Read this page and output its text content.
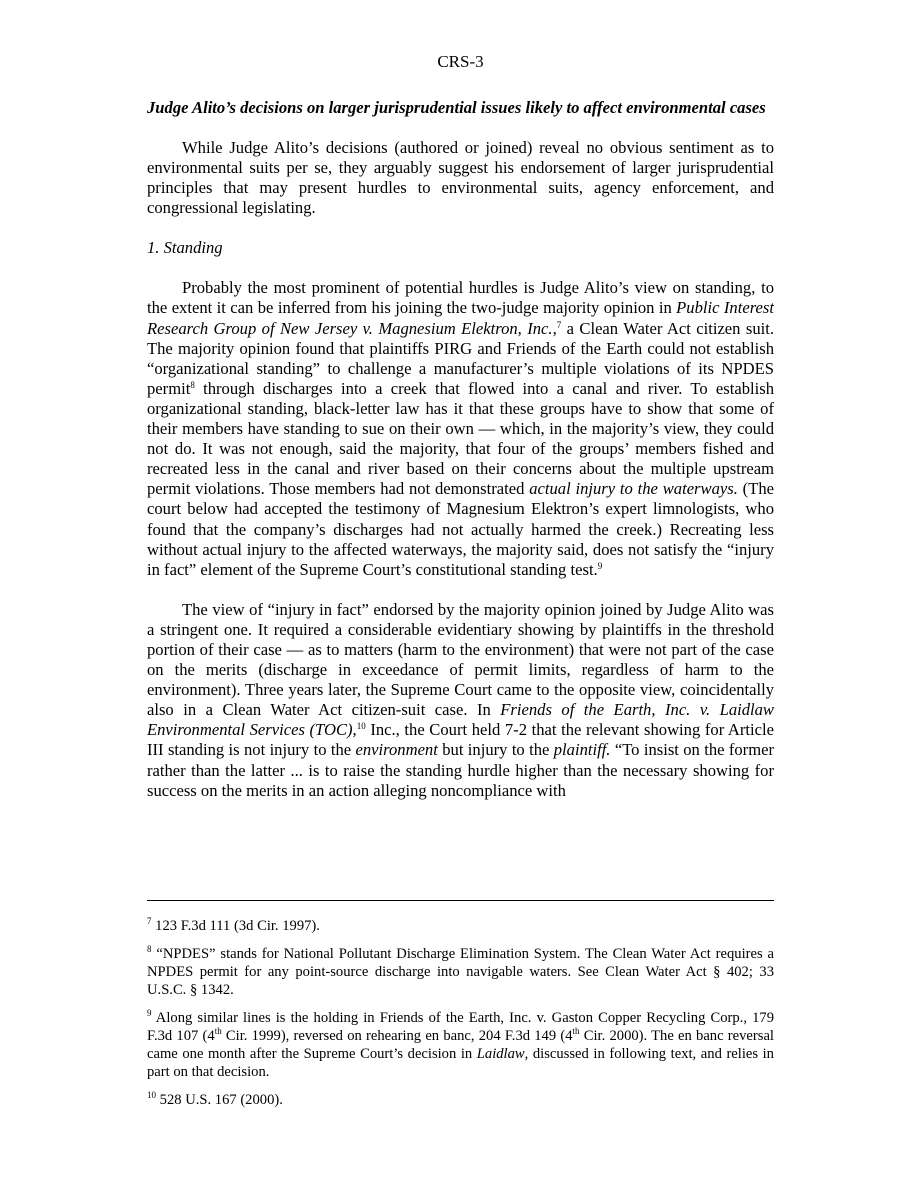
CRS-3
Judge Alito’s decisions on larger jurisprudential issues likely to affect environmental cases

While Judge Alito’s decisions (authored or joined) reveal no obvious sentiment as to environmental suits per se, they arguably suggest his endorsement of larger jurisprudential principles that may present hurdles to environmental suits, agency enforcement, and congressional legislating.

1. Standing

Probably the most prominent of potential hurdles is Judge Alito’s view on standing, to the extent it can be inferred from his joining the two-judge majority opinion in Public Interest Research Group of New Jersey v. Magnesium Elektron, Inc.,$^7$ a Clean Water Act citizen suit. The majority opinion found that plaintiffs PIRG and Friends of the Earth could not establish “organizational standing” to challenge a manufacturer’s multiple violations of its NPDES permit$^8$ through discharges into a creek that flowed into a canal and river. To establish organizational standing, black-letter law has it that these groups have to show that some of their members have standing to sue on their own — which, in the majority’s view, they could not do. It was not enough, said the majority, that four of the groups’ members fished and recreated less in the canal and river based on their concerns about the multiple upstream permit violations. Those members had not demonstrated actual injury to the waterways. (The court below had accepted the testimony of Magnesium Elektron’s expert limnologists, who found that the company’s discharges had not actually harmed the creek.) Recreating less without actual injury to the affected waterways, the majority said, does not satisfy the “injury in fact” element of the Supreme Court’s constitutional standing test.$^9$

The view of “injury in fact” endorsed by the majority opinion joined by Judge Alito was a stringent one. It required a considerable evidentiary showing by plaintiffs in the threshold portion of their case — as to matters (harm to the environment) that were not part of the case on the merits (discharge in exceedance of permit limits, regardless of harm to the environment). Three years later, the Supreme Court came to the opposite view, coincidentally also in a Clean Water Act citizen-suit case. In Friends of the Earth, Inc. v. Laidlaw Environmental Services (TOC),$^{10}$ Inc., the Court held 7-2 that the relevant showing for Article III standing is not injury to the environment but injury to the plaintiff. “To insist on the former rather than the latter ... is to raise the standing hurdle higher than the necessary showing for success on the merits in an action alleging noncompliance with

$^7$ 123 F.3d 111 (3d Cir. 1997).
$^8$ “NPDES” stands for National Pollutant Discharge Elimination System. The Clean Water Act requires a NPDES permit for any point-source discharge into navigable waters. See Clean Water Act § 402; 33 U.S.C. § 1342.
$^9$ Along similar lines is the holding in Friends of the Earth, Inc. v. Gaston Copper Recycling Corp., 179 F.3d 107 (4th Cir. 1999), reversed on rehearing en banc, 204 F.3d 149 (4th Cir. 2000). The en banc reversal came one month after the Supreme Court’s decision in Laidlaw, discussed in following text, and relies in part on that decision.
$^{10}$ 528 U.S. 167 (2000).
